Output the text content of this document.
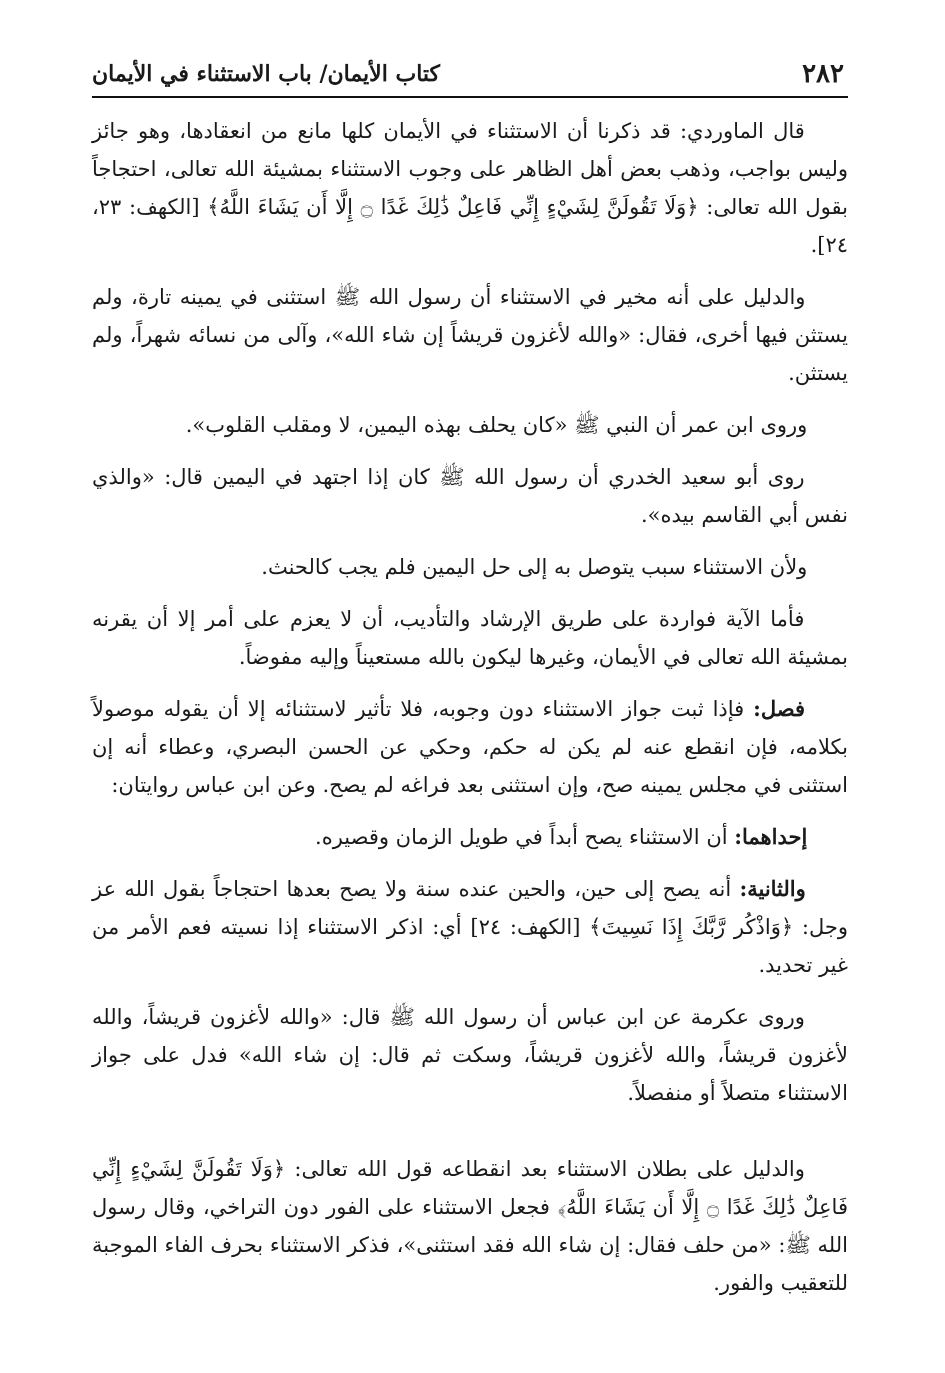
٢٨٢
كتاب الأيمان/ باب الاستثناء في الأيمان

قال الماوردي: قد ذكرنا أن الاستثناء في الأيمان كلها مانع من انعقادها، وهو جائز وليس بواجب، وذهب بعض أهل الظاهر على وجوب الاستثناء بمشيئة الله تعالى، احتجاجاً بقول الله تعالى: ﴿وَلَا تَقُولَنَّ لِشَيْءٍ إِنِّي فَاعِلٌ ذَٰلِكَ غَدًا ۝ إِلَّا أَن يَشَاءَ اللَّهُ﴾ [الكهف: ٢٣، ٢٤].

والدليل على أنه مخير في الاستثناء أن رسول الله ﷺ استثنى في يمينه تارة، ولم يستثن فيها أخرى، فقال: «والله لأغزون قريشاً إن شاء الله»، وآلى من نسائه شهراً، ولم يستثن.

وروى ابن عمر أن النبي ﷺ «كان يحلف بهذه اليمين، لا ومقلب القلوب».

روى أبو سعيد الخدري أن رسول الله ﷺ كان إذا اجتهد في اليمين قال: «والذي نفس أبي القاسم بيده».

ولأن الاستثناء سبب يتوصل به إلى حل اليمين فلم يجب كالحنث.

فأما الآية فواردة على طريق الإرشاد والتأديب، أن لا يعزم على أمر إلا أن يقرنه بمشيئة الله تعالى في الأيمان، وغيرها ليكون بالله مستعيناً وإليه مفوضاً.

فصل: فإذا ثبت جواز الاستثناء دون وجوبه، فلا تأثير لاستثنائه إلا أن يقوله موصولاً بكلامه، فإن انقطع عنه لم يكن له حكم، وحكي عن الحسن البصري، وعطاء أنه إن استثنى في مجلس يمينه صح، وإن استثنى بعد فراغه لم يصح. وعن ابن عباس روايتان:

إحداهما: أن الاستثناء يصح أبداً في طويل الزمان وقصيره.

والثانية: أنه يصح إلى حين، والحين عنده سنة ولا يصح بعدها احتجاجاً بقول الله عز وجل: ﴿وَاذْكُر رَّبَّكَ إِذَا نَسِيتَ﴾ [الكهف: ٢٤] أي: اذكر الاستثناء إذا نسيته فعم الأمر من غير تحديد.

وروى عكرمة عن ابن عباس أن رسول الله ﷺ قال: «والله لأغزون قريشاً، والله لأغزون قريشاً، والله لأغزون قريشاً، وسكت ثم قال: إن شاء الله» فدل على جواز الاستثناء متصلاً أو منفصلاً.

والدليل على بطلان الاستثناء بعد انقطاعه قول الله تعالى: ﴿وَلَا تَقُولَنَّ لِشَيْءٍ إِنِّي فَاعِلٌ ذَٰلِكَ غَدًا ۝ إِلَّا أَن يَشَاءَ اللَّهُ﴾ فجعل الاستثناء على الفور دون التراخي، وقال رسول الله ﷺ: «من حلف فقال: إن شاء الله فقد استثنى»، فذكر الاستثناء بحرف الفاء الموجبة للتعقيب والفور.
